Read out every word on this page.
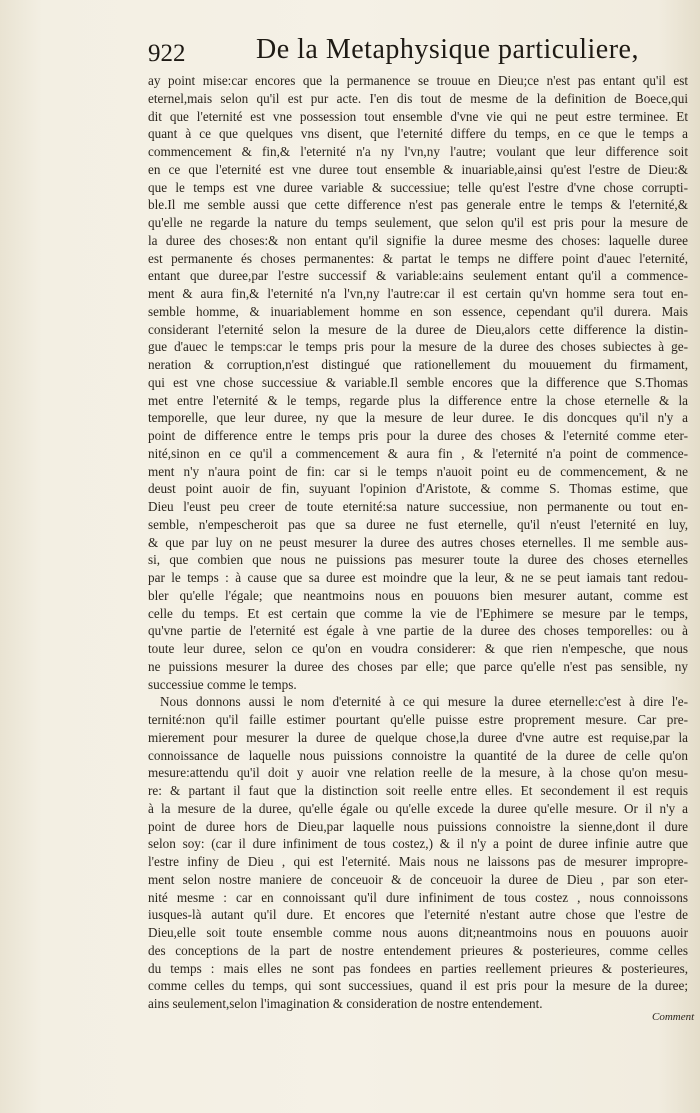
922	De la Metaphysique particuliere,
ay point mise:car encores que la permanence se trouue en Dieu;ce n'est pas entant qu'il est
eternel,mais selon qu'il est pur acte. I'en dis tout de mesme de la definition de Boece,qui
dit que l'eternité est vne possession tout ensemble d'vne vie qui ne peut estre terminee. Et
quant à ce que quelques vns disent, que l'eternité differe du temps, en ce que le temps a
commencement & fin,& l'eternité n'a ny l'vn,ny l'autre; voulant que leur difference soit
en ce que l'eternité est vne duree tout ensemble & inuariable,ainsi qu'est l'estre de Dieu:&
que le temps est vne duree variable & successiue; telle qu'est l'estre d'vne chose corrupti-
ble.Il me semble aussi que cette difference n'est pas generale entre le temps & l'eternité,&
qu'elle ne regarde la nature du temps seulement, que selon qu'il est pris pour la mesure de
la duree des choses:& non entant qu'il signifie la duree mesme des choses: laquelle duree
est permanente és choses permanentes: & partat le temps ne differe point d'auec l'eternité,
entant que duree,par l'estre successif & variable:ains seulement entant qu'il a commence-
ment & aura fin,& l'eternité n'a l'vn,ny l'autre:car il est certain qu'vn homme sera tout en-
semble homme, & inuariablement homme en son essence, cependant qu'il durera. Mais
considerant l'eternité selon la mesure de la duree de Dieu,alors cette difference la distin-
gue d'auec le temps:car le temps pris pour la mesure de la duree des choses subiectes à ge-
neration & corruption,n'est distingué que rationellement du mouuement du firmament,
qui est vne chose successiue & variable.Il semble encores que la difference que S.Thomas
met entre l'eternité & le temps, regarde plus la difference entre la chose eternelle & la
temporelle, que leur duree, ny que la mesure de leur duree. Ie dis doncques qu'il n'y a
point de difference entre le temps pris pour la duree des choses & l'eternité comme eter-
nité,sinon en ce qu'il a commencement & aura fin , & l'eternité n'a point de commence-
ment n'y n'aura point de fin: car si le temps n'auoit point eu de commencement, & ne
deust point auoir de fin, suyuant l'opinion d'Aristote, & comme S. Thomas estime, que
Dieu l'eust peu creer de toute eternité:sa nature successiue, non permanente ou tout en-
semble, n'empescheroit pas que sa duree ne fust eternelle, qu'il n'eust l'eternité en luy,
& que par luy on ne peust mesurer la duree des autres choses eternelles. Il me semble aus-
si, que combien que nous ne puissions pas mesurer toute la duree des choses eternelles
par le temps : à cause que sa duree est moindre que la leur, & ne se peut iamais tant redou-
bler qu'elle l'égale; que neantmoins nous en pouuons bien mesurer autant, comme est
celle du temps. Et est certain que comme la vie de l'Ephimere se mesure par le temps,
qu'vne partie de l'eternité est égale à vne partie de la duree des choses temporelles: ou à
toute leur duree, selon ce qu'on en voudra considerer: & que rien n'empesche, que nous
ne puissions mesurer la duree des choses par elle; que parce qu'elle n'est pas sensible, ny
successiue comme le temps.
Nous donnons aussi le nom d'eternité à ce qui mesure la duree eternelle:c'est à dire l'e-
ternité:non qu'il faille estimer pourtant qu'elle puisse estre proprement mesure. Car pre-
mierement pour mesurer la duree de quelque chose,la duree d'vne autre est requise,par la
connoissance de laquelle nous puissions connoistre la quantité de la duree de celle qu'on
mesure:attendu qu'il doit y auoir vne relation reelle de la mesure, à la chose qu'on mesu-
re: & partant il faut que la distinction soit reelle entre elles. Et secondement il est requis
à la mesure de la duree, qu'elle égale ou qu'elle excede la duree qu'elle mesure. Or il n'y a
point de duree hors de Dieu,par laquelle nous puissions connoistre la sienne,dont il dure
selon soy: (car il dure infiniment de tous costez,) & il n'y a point de duree infinie autre que
l'estre infiny de Dieu , qui est l'eternité. Mais nous ne laissons pas de mesurer impropre-
ment selon nostre maniere de conceuoir & de conceuoir la duree de Dieu , par son eter-
nité mesme : car en connoissant qu'il dure infiniment de tous costez , nous connoissons
iusques-là autant qu'il dure. Et encores que l'eternité n'estant autre chose que l'estre de
Dieu,elle soit toute ensemble comme nous auons dit;neantmoins nous en pouuons auoir
des conceptions de la part de nostre entendement prieures & posterieures, comme celles
du temps : mais elles ne sont pas fondees en parties reellement prieures & posterieures,
comme celles du temps, qui sont successiues, quand il est pris pour la mesure de la duree;
ains seulement,selon l'imagination & consideration de nostre entendement.
Comment
